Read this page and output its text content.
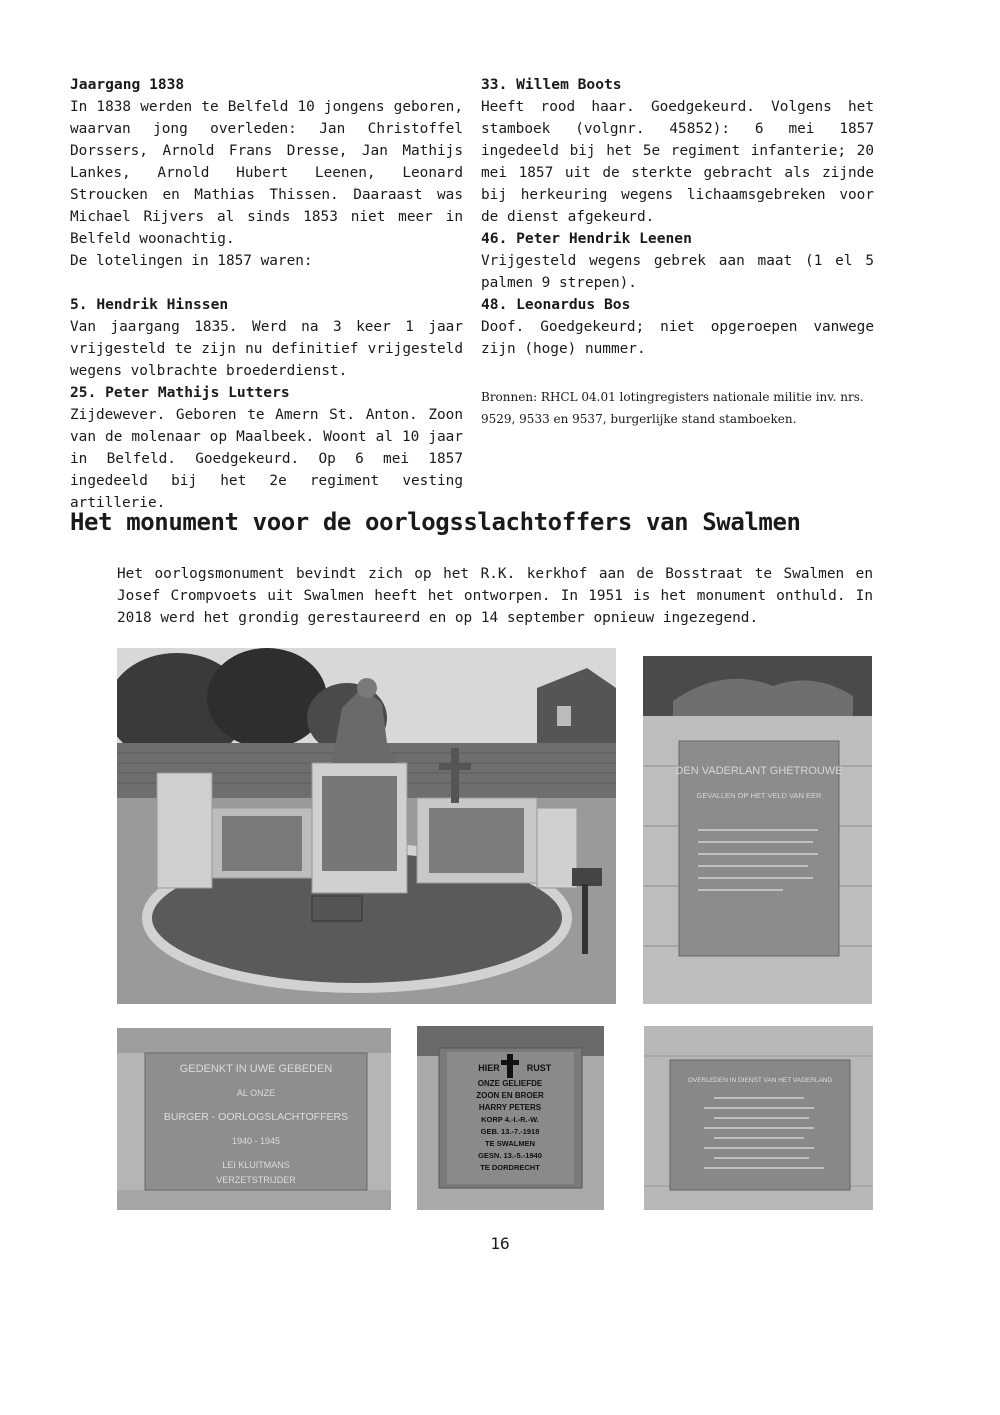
Jaargang 1838

In 1838 werden te Belfeld 10 jongens geboren, waarvan jong overleden: Jan Christoffel Dorssers, Arnold Frans Dresse, Jan Mathijs Lankes, Arnold Hubert Leenen, Leonard Stroucken en Mathias Thissen. Daaraast was Michael Rijvers al sinds 1853 niet meer in Belfeld woonachtig.

De lotelingen in 1857 waren:

5. Hendrik Hinssen

Van jaargang 1835. Werd na 3 keer 1 jaar vrijgesteld te zijn nu definitief vrijgesteld wegens volbrachte broederdienst.

25. Peter Mathijs Lutters

Zijdewever. Geboren te Amern St. Anton. Zoon van de molenaar op Maalbeek. Woont al 10 jaar in Belfeld. Goedgekeurd. Op 6 mei 1857 ingedeeld bij het 2e regiment vesting artillerie.

33. Willem Boots

Heeft rood haar. Goedgekeurd. Volgens het stamboek (volgnr. 45852): 6 mei 1857 ingedeeld bij het 5e regiment infanterie; 20 mei 1857 uit de sterkte gebracht als zijnde bij herkeuring wegens lichaamsgebreken voor de dienst afgekeurd.

46. Peter Hendrik Leenen

Vrijgesteld wegens gebrek aan maat (1 el 5 palmen 9 strepen).

48. Leonardus Bos

Doof. Goedgekeurd; niet opgeroepen vanwege zijn (hoge) nummer.

Bronnen: RHCL 04.01 lotingregisters nationale militie inv. nrs. 9529, 9533 en 9537, burgerlijke stand stamboeken.

Het monument voor de oorlogsslachtoffers van Swalmen

Het oorlogsmonument bevindt zich op het R.K. kerkhof aan de Bosstraat te Swalmen en Josef Crompvoets uit Swalmen heeft het ontworpen. In 1951 is het monument onthuld. In 2018 werd het grondig gerestaureerd en op 14 september opnieuw ingezegend.

DEN VADERLANT GHETROUWE
GEVALLEN OP HET VELD VAN EER
GEDENKT IN UWE GEBEDEN
AL ONZE
BURGER - OORLOGSLACHTOFFERS
1940 - 1945
LEI KLUITMANS
VERZETSTRIJDER
HIER	RUST
ONZE GELIEFDE
ZOON EN BROER
HARRY PETERS
KORP 4.-I.-R.-W.
GEB. 13.-7.-1918
TE SWALMEN
GESN. 13.-5.-1940
TE DORDRECHT
OVERLEDEN IN DIENST VAN HET VADERLAND

16
